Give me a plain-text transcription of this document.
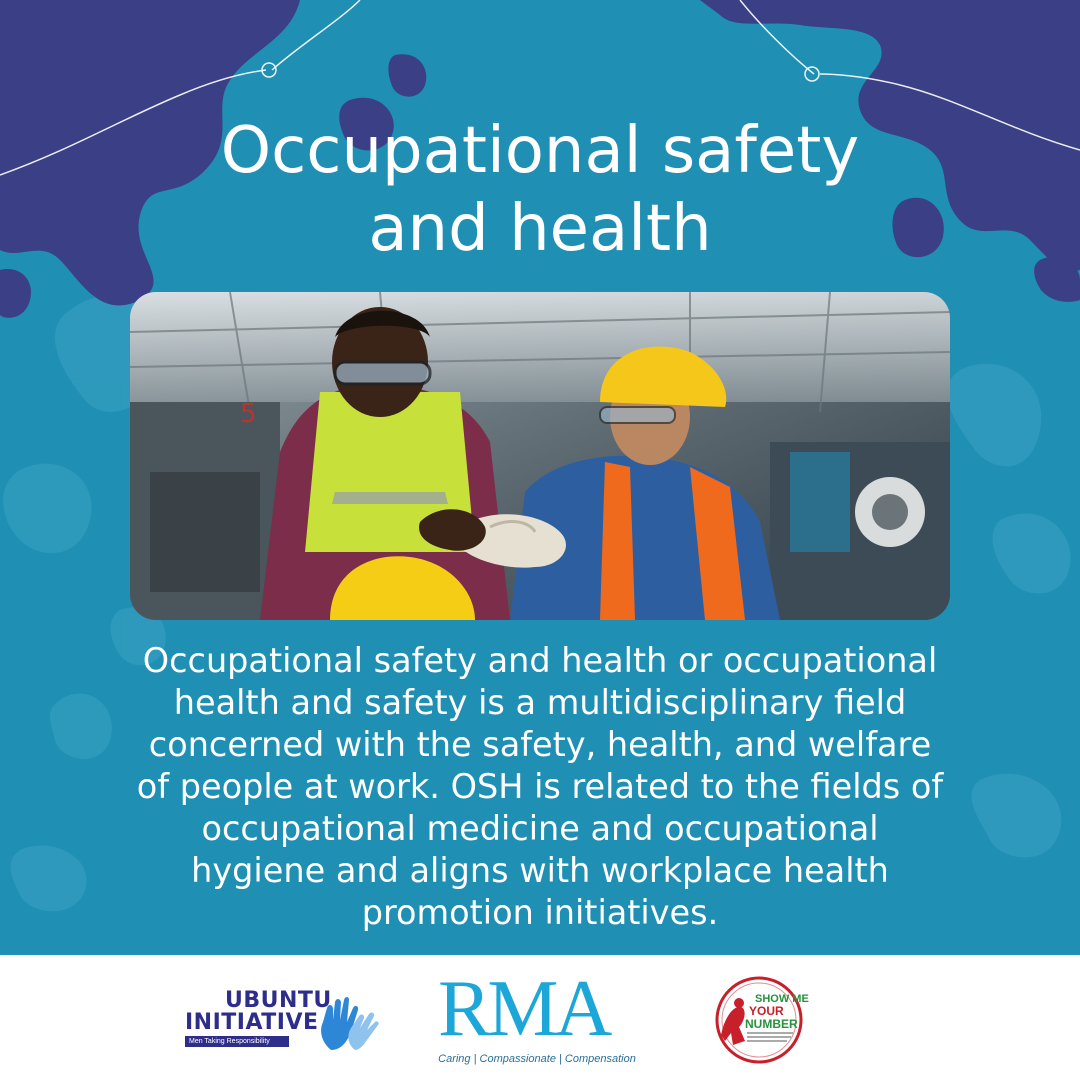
Occupational safety
and health
5

Occupational safety and health or occupational
health and safety is a multidisciplinary field
concerned with the safety, health, and welfare
of people at work. OSH is related to the fields of
occupational medicine and occupational
hygiene and aligns with workplace health
promotion initiatives.

UBUNTU
INITIATIVE
Men Taking Responsibility RMA
Caring | Compassionate | Compensation
SHOW ME
YOUR
NUMBER
